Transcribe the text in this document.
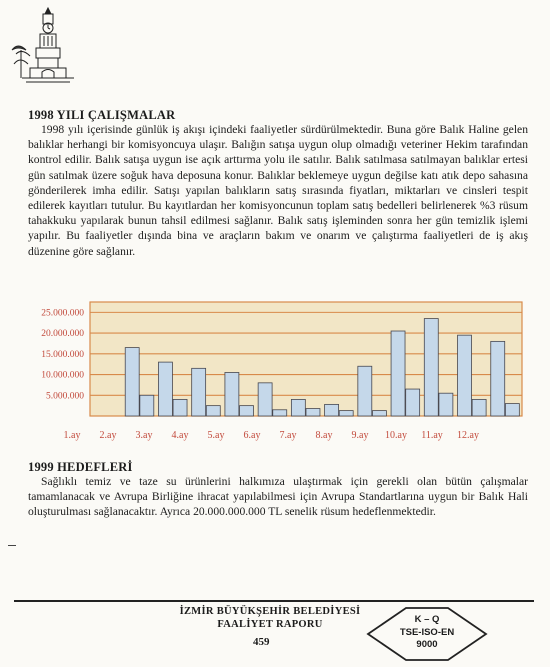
1998 YILI ÇALIŞMALAR

1998 yılı içerisinde günlük iş akışı içindeki faaliyetler sürdürülmektedir. Buna göre Balık Haline gelen balıklar herhangi bir komisyoncuya ulaşır. Balığın satışa uygun olup olmadığı veteriner Hekim tarafından kontrol edilir. Balık satışa uygun ise açık arttırma yolu ile satılır. Balık satılmasa satılmayan balıklar ertesi gün satılmak üzere soğuk hava deposuna konur. Balıklar beklemeye uygun değilse katı atık depo sahasına gönderilerek imha edilir. Satışı yapılan balıkların satış sırasında fiyatları, miktarları ve cinsleri tespit edilerek kayıtları tutulur. Bu kayıtlardan her komisyoncunun toplam satış bedelleri belirlenerek %3 rüsum tahakkuku yapılarak bunun tahsil edilmesi sağlanır. Balık satış işleminden sonra her gün temizlik işlemi yapılır. Bu faaliyetler dışında bina ve araçların bakım ve onarım ve çalıştırma faaliyetleri de iş akış düzenine göre sağlanır.

25.000.000
20.000.000
15.000.000
10.000.000
5.000.000
1.ay 2.ay 3.ay 4.ay 5.ay 6.ay 7.ay 8.ay 9.ay 10.ay 11.ay 12.ay
1999 HEDEFLERİ

Sağlıklı temiz ve taze su ürünlerini halkımıza ulaştırmak için gerekli olan bütün çalışmalar tamamlanacak ve Avrupa Birliğine ihracat yapılabilmesi için Avrupa Standartlarına uygun bir Balık Hali oluşturulması sağlanacaktır. Ayrıca 20.000.000.000 TL senelik rüsum hedeflenmektedir.

İZMİR BÜYÜKŞEHİR BELEDİYESİ
FAALİYET RAPORU
459
K – Q
TSE-ISO-EN
9000
